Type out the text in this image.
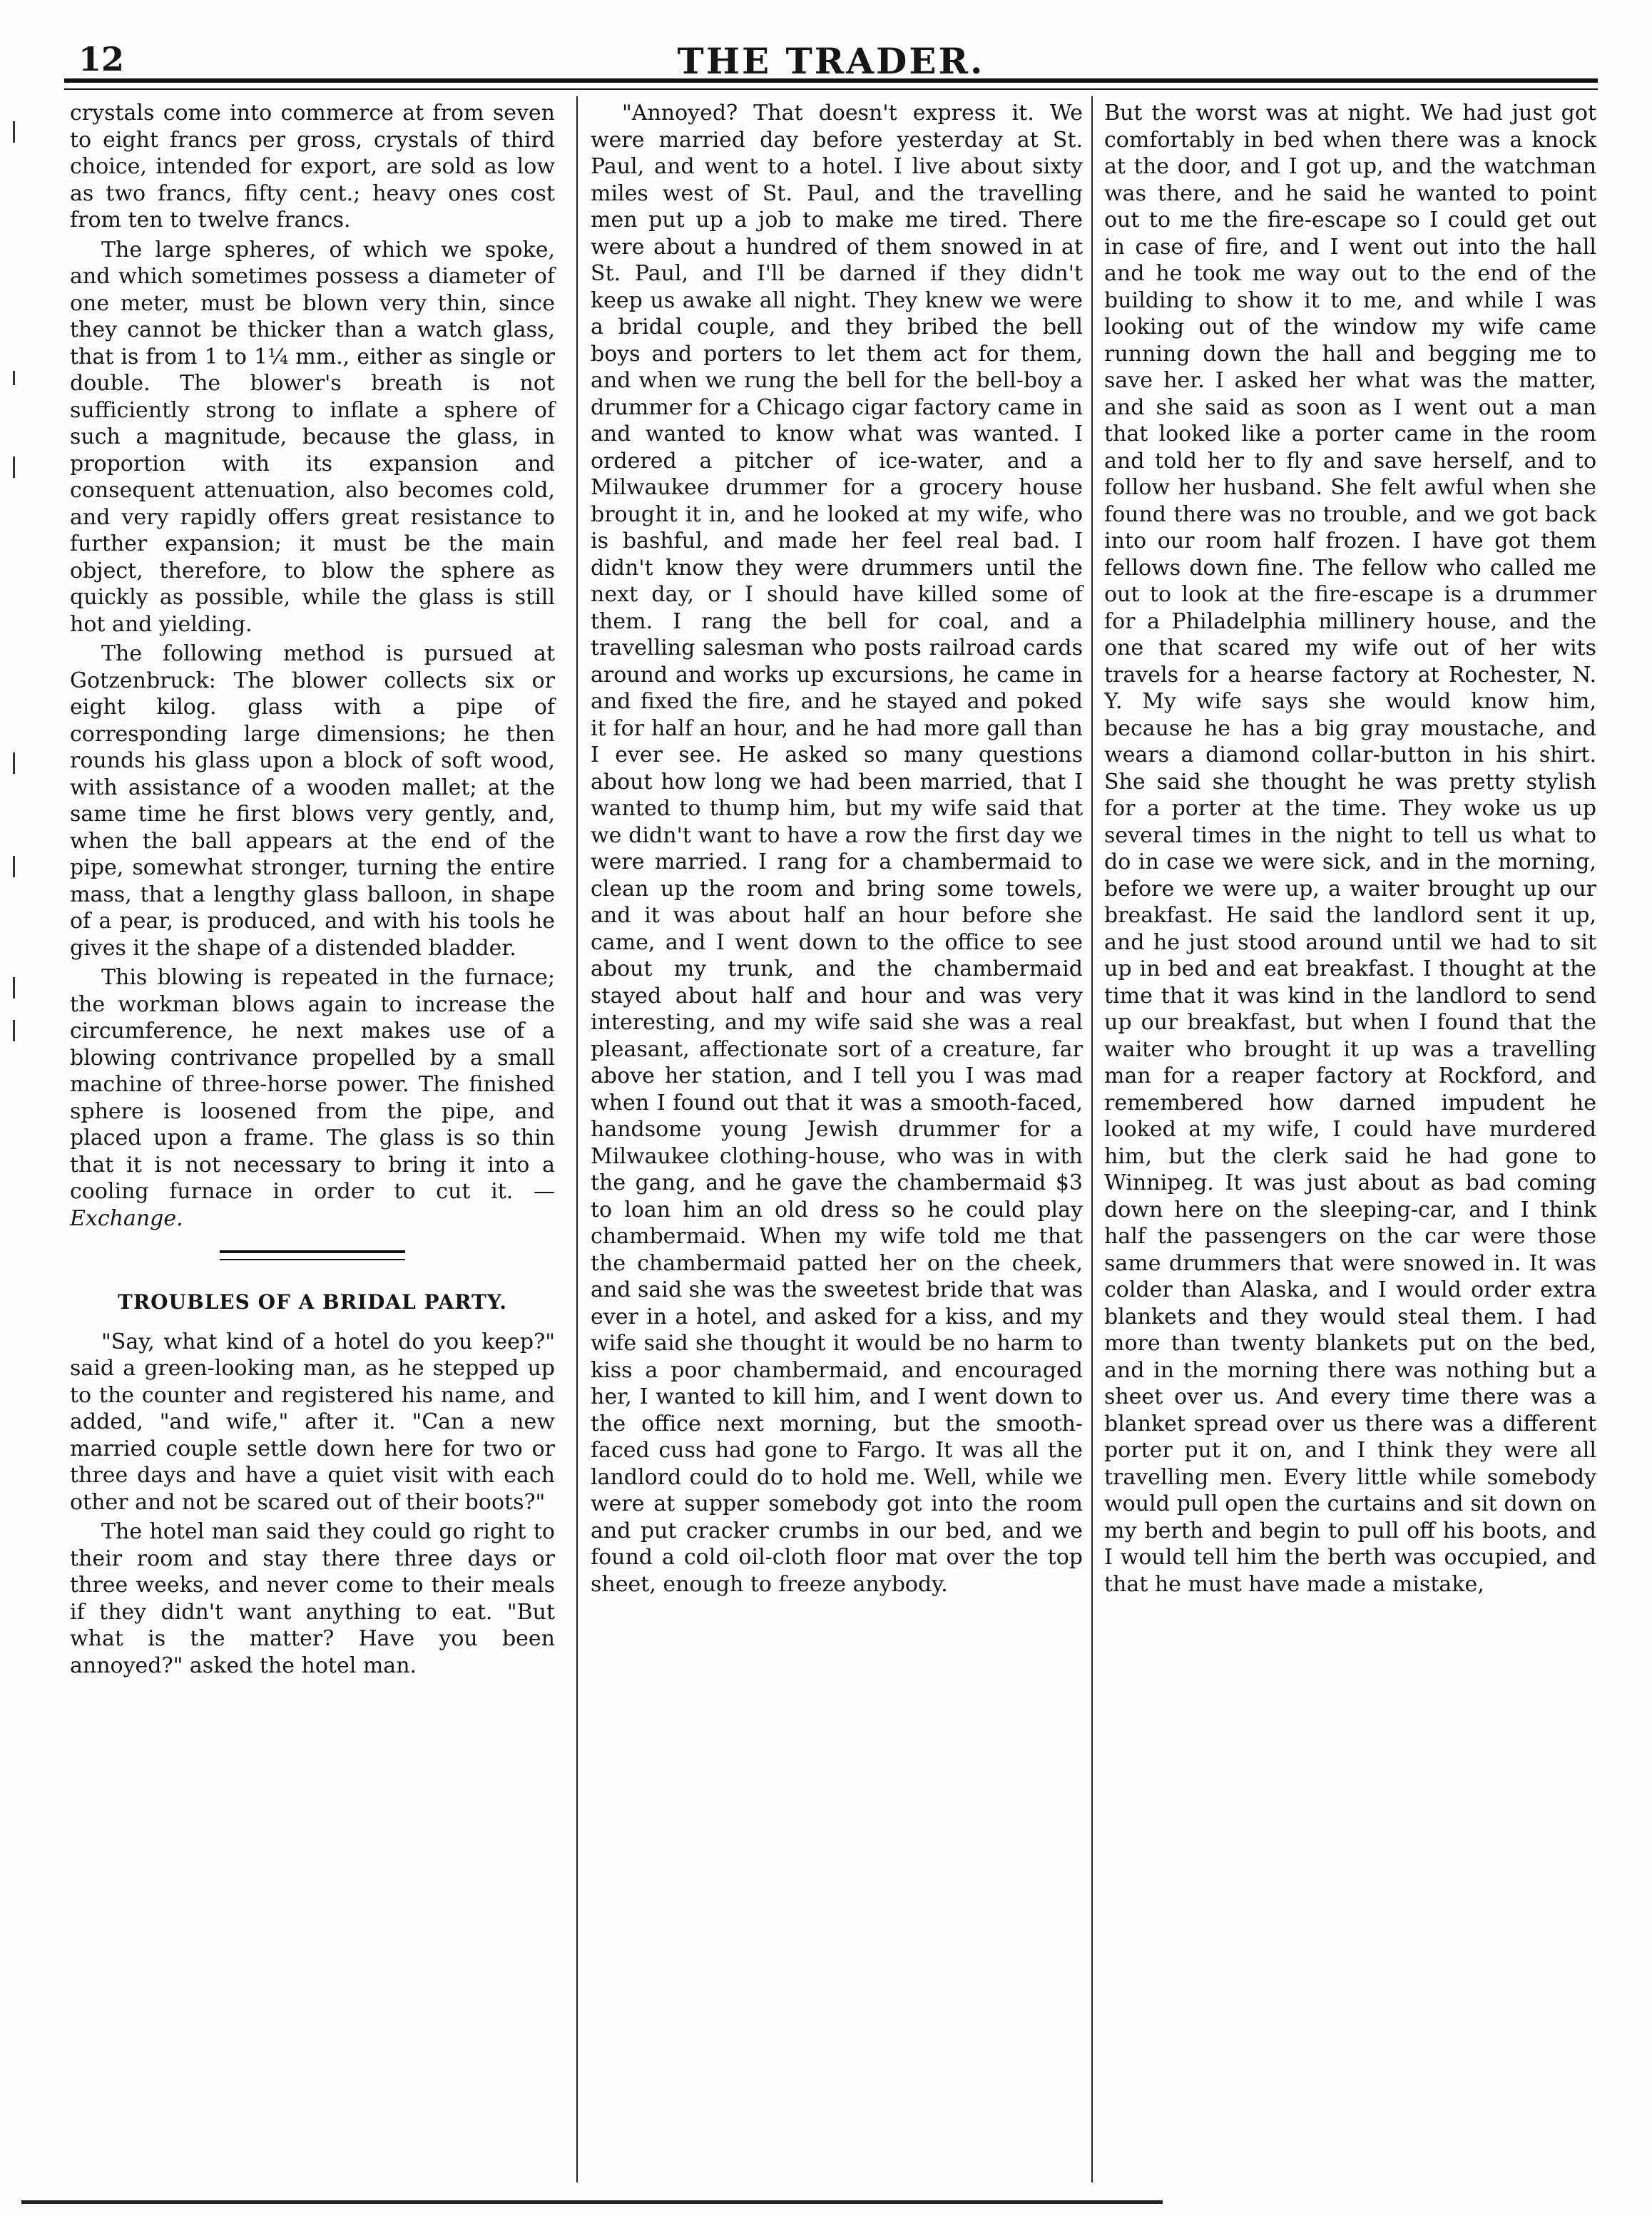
12	THE TRADER.

crystals come into commerce at from seven to eight francs per gross, crystals of third choice, intended for export, are sold as low as two francs, fifty cent.; heavy ones cost from ten to twelve francs.

The large spheres, of which we spoke, and which sometimes possess a diameter of one meter, must be blown very thin, since they cannot be thicker than a watch glass, that is from 1 to 1¼ mm., either as single or double. The blower's breath is not sufficiently strong to inflate a sphere of such a magnitude, because the glass, in proportion with its expansion and consequent attenuation, also becomes cold, and very rapidly offers great resistance to further expansion; it must be the main object, therefore, to blow the sphere as quickly as possible, while the glass is still hot and yielding.

The following method is pursued at Gotzenbruck: The blower collects six or eight kilog. glass with a pipe of corresponding large dimensions; he then rounds his glass upon a block of soft wood, with assistance of a wooden mallet; at the same time he first blows very gently, and, when the ball appears at the end of the pipe, somewhat stronger, turning the entire mass, that a lengthy glass balloon, in shape of a pear, is produced, and with his tools he gives it the shape of a distended bladder.

This blowing is repeated in the furnace; the workman blows again to increase the circumference, he next makes use of a blowing contrivance propelled by a small machine of three-horse power. The finished sphere is loosened from the pipe, and placed upon a frame. The glass is so thin that it is not necessary to bring it into a cooling furnace in order to cut it. —Exchange.

TROUBLES OF A BRIDAL PARTY.

"Say, what kind of a hotel do you keep?" said a green-looking man, as he stepped up to the counter and registered his name, and added, "and wife," after it. "Can a new married couple settle down here for two or three days and have a quiet visit with each other and not be scared out of their boots?"

The hotel man said they could go right to their room and stay there three days or three weeks, and never come to their meals if they didn't want anything to eat. "But what is the matter? Have you been annoyed?" asked the hotel man.

"Annoyed? That doesn't express it. We were married day before yesterday at St. Paul, and went to a hotel. I live about sixty miles west of St. Paul, and the travelling men put up a job to make me tired. There were about a hundred of them snowed in at St. Paul, and I'll be darned if they didn't keep us awake all night. They knew we were a bridal couple, and they bribed the bell boys and porters to let them act for them, and when we rung the bell for the bell-boy a drummer for a Chicago cigar factory came in and wanted to know what was wanted. I ordered a pitcher of ice-water, and a Milwaukee drummer for a grocery house brought it in, and he looked at my wife, who is bashful, and made her feel real bad. I didn't know they were drummers until the next day, or I should have killed some of them. I rang the bell for coal, and a travelling salesman who posts railroad cards around and works up excursions, he came in and fixed the fire, and he stayed and poked it for half an hour, and he had more gall than I ever see. He asked so many questions about how long we had been married, that I wanted to thump him, but my wife said that we didn't want to have a row the first day we were married. I rang for a chambermaid to clean up the room and bring some towels, and it was about half an hour before she came, and I went down to the office to see about my trunk, and the chambermaid stayed about half and hour and was very interesting, and my wife said she was a real pleasant, affectionate sort of a creature, far above her station, and I tell you I was mad when I found out that it was a smooth-faced, handsome young Jewish drummer for a Milwaukee clothing-house, who was in with the gang, and he gave the chambermaid $3 to loan him an old dress so he could play chambermaid. When my wife told me that the chambermaid patted her on the cheek, and said she was the sweetest bride that was ever in a hotel, and asked for a kiss, and my wife said she thought it would be no harm to kiss a poor chambermaid, and encouraged her, I wanted to kill him, and I went down to the office next morning, but the smooth-faced cuss had gone to Fargo. It was all the landlord could do to hold me. Well, while we were at supper somebody got into the room and put cracker crumbs in our bed, and we found a cold oil-cloth floor mat over the top sheet, enough to freeze anybody.

But the worst was at night. We had just got comfortably in bed when there was a knock at the door, and I got up, and the watchman was there, and he said he wanted to point out to me the fire-escape so I could get out in case of fire, and I went out into the hall and he took me way out to the end of the building to show it to me, and while I was looking out of the window my wife came running down the hall and begging me to save her. I asked her what was the matter, and she said as soon as I went out a man that looked like a porter came in the room and told her to fly and save herself, and to follow her husband. She felt awful when she found there was no trouble, and we got back into our room half frozen. I have got them fellows down fine. The fellow who called me out to look at the fire-escape is a drummer for a Philadelphia millinery house, and the one that scared my wife out of her wits travels for a hearse factory at Rochester, N. Y. My wife says she would know him, because he has a big gray moustache, and wears a diamond collar-button in his shirt. She said she thought he was pretty stylish for a porter at the time. They woke us up several times in the night to tell us what to do in case we were sick, and in the morning, before we were up, a waiter brought up our breakfast. He said the landlord sent it up, and he just stood around until we had to sit up in bed and eat breakfast. I thought at the time that it was kind in the landlord to send up our breakfast, but when I found that the waiter who brought it up was a travelling man for a reaper factory at Rockford, and remembered how darned impudent he looked at my wife, I could have murdered him, but the clerk said he had gone to Winnipeg. It was just about as bad coming down here on the sleeping-car, and I think half the passengers on the car were those same drummers that were snowed in. It was colder than Alaska, and I would order extra blankets and they would steal them. I had more than twenty blankets put on the bed, and in the morning there was nothing but a sheet over us. And every time there was a blanket spread over us there was a different porter put it on, and I think they were all travelling men. Every little while somebody would pull open the curtains and sit down on my berth and begin to pull off his boots, and I would tell him the berth was occupied, and that he must have made a mistake,
